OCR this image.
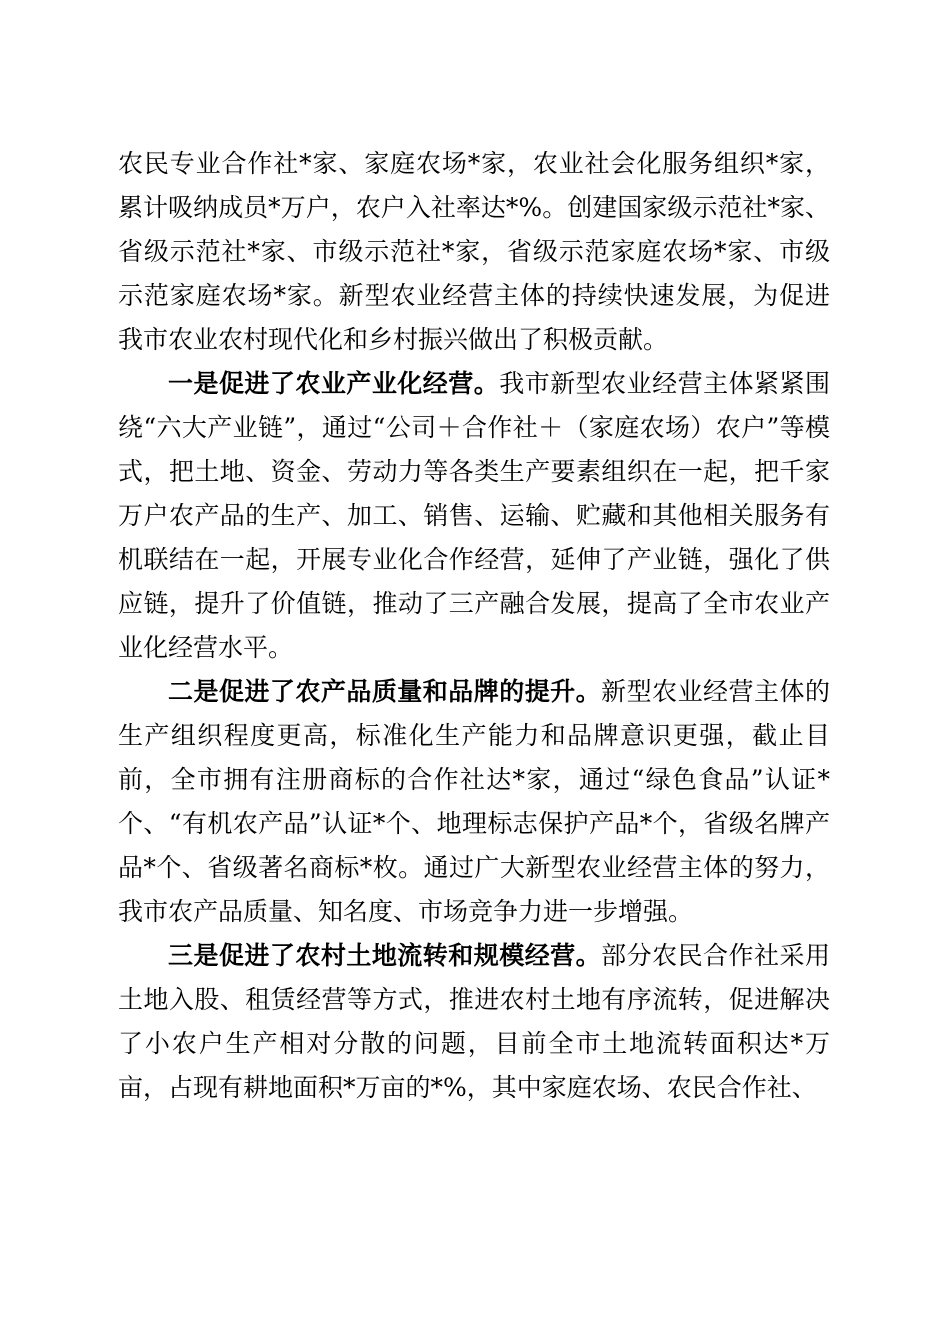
农民专业合作社*家、家庭农场*家，农业社会化服务组织*家，累计吸纳成员*万户，农户入社率达*%。创建国家级示范社*家、省级示范社*家、市级示范社*家，省级示范家庭农场*家、市级示范家庭农场*家。新型农业经营主体的持续快速发展，为促进我市农业农村现代化和乡村振兴做出了积极贡献。

一是促进了农业产业化经营。我市新型农业经营主体紧紧围绕“六大产业链”，通过“公司＋合作社＋（家庭农场）农户”等模式，把土地、资金、劳动力等各类生产要素组织在一起，把千家万户农产品的生产、加工、销售、运输、贮藏和其他相关服务有机联结在一起，开展专业化合作经营，延伸了产业链，强化了供应链，提升了价值链，推动了三产融合发展，提高了全市农业产业化经营水平。

二是促进了农产品质量和品牌的提升。新型农业经营主体的生产组织程度更高，标准化生产能力和品牌意识更强，截止目前，全市拥有注册商标的合作社达*家，通过“绿色食品”认证*个、“有机农产品”认证*个、地理标志保护产品*个，省级名牌产品*个、省级著名商标*枚。通过广大新型农业经营主体的努力，我市农产品质量、知名度、市场竞争力进一步增强。

三是促进了农村土地流转和规模经营。部分农民合作社采用土地入股、租赁经营等方式，推进农村土地有序流转，促进解决了小农户生产相对分散的问题，目前全市土地流转面积达*万亩，占现有耕地面积*万亩的*%，其中家庭农场、农民合作社、
